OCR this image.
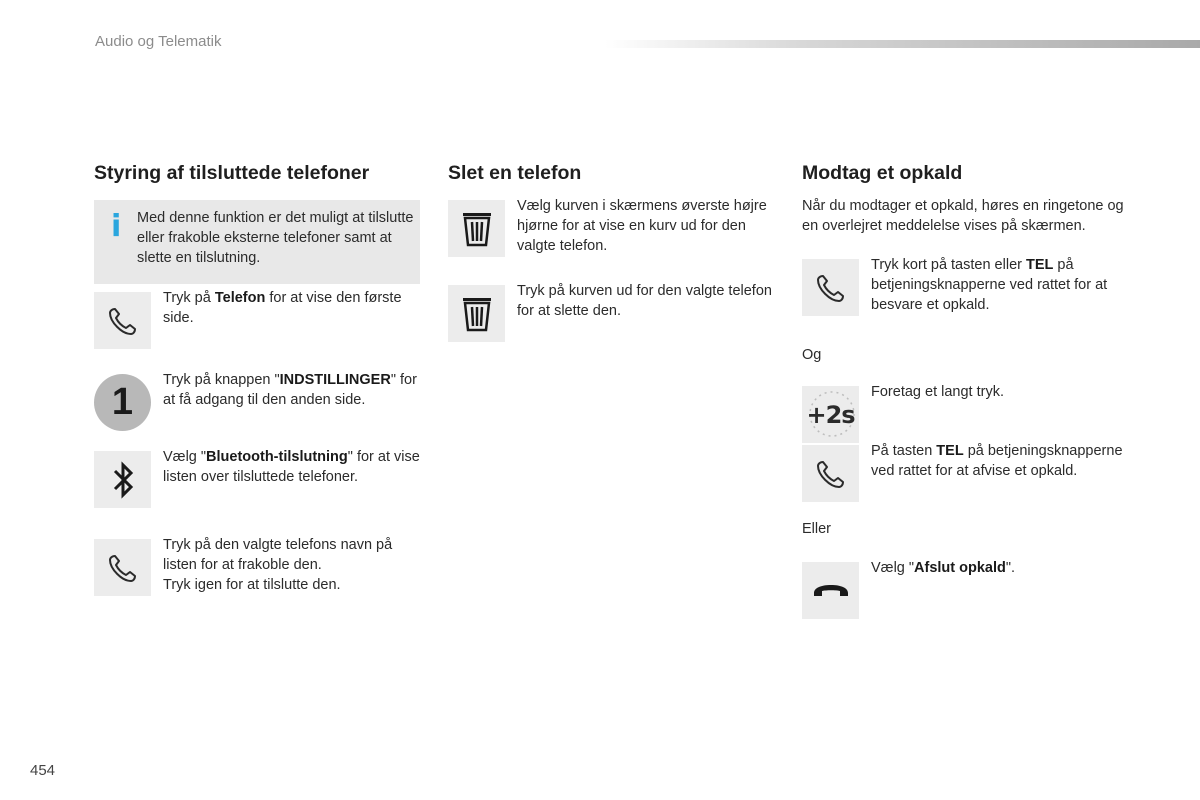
Audio og Telematik
Styring af tilsluttede telefoner
i Med denne funktion er det muligt at tilslutte eller frakoble eksterne telefoner samt at slette en tilslutning.
Tryk på Telefon for at vise den første side.
1
Tryk på knappen "INDSTILLINGER" for at få adgang til den anden side.
Vælg "Bluetooth-tilslutning" for at vise listen over tilsluttede telefoner.
Tryk på den valgte telefons navn på listen for at frakoble den.
Tryk igen for at tilslutte den.
Slet en telefon
Vælg kurven i skærmens øverste højre hjørne for at vise en kurv ud for den valgte telefon.
Tryk på kurven ud for den valgte telefon for at slette den.
Modtag et opkald
Når du modtager et opkald, høres en ringetone og en overlejret meddelelse vises på skærmen.
Tryk kort på tasten eller TEL på betjeningsknapperne ved rattet for at besvare et opkald.
Og
+2s
Foretag et langt tryk.
På tasten TEL på betjeningsknapperne ved rattet for at afvise et opkald.
Eller
Vælg "Afslut opkald".
454
